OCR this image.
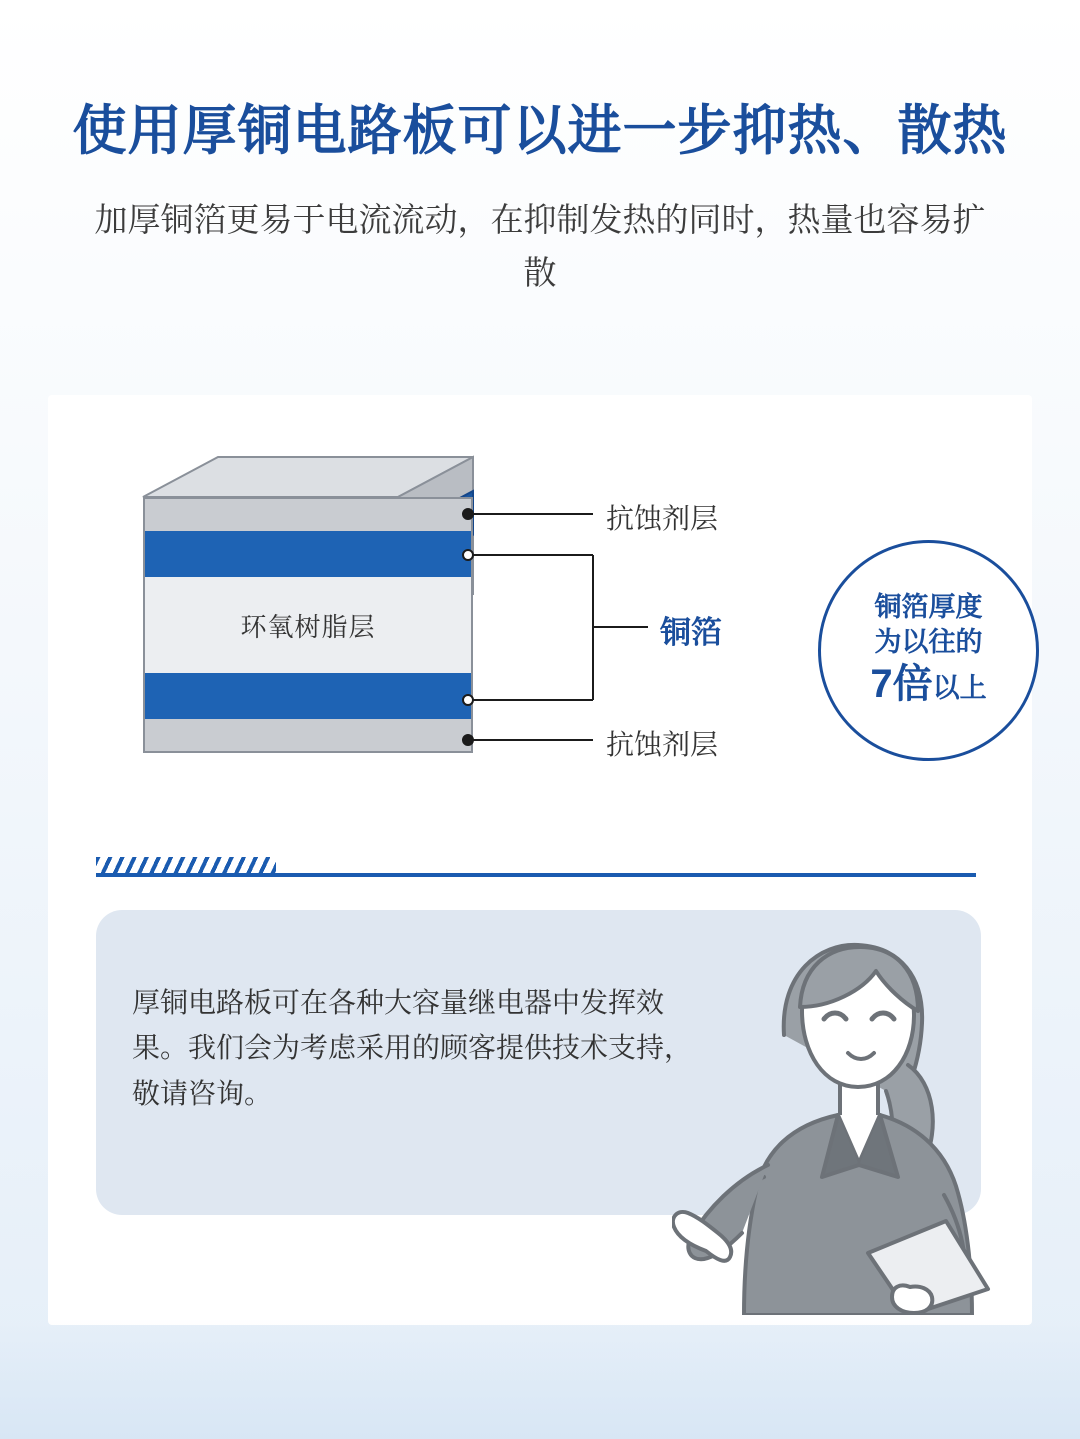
使用厚铜电路板可以进一步抑热、散热

加厚铜箔更易于电流流动，在抑制发热的同时，热量也容易扩散

环氧树脂层
抗蚀剂层
抗蚀剂层
铜箔
铜箔厚度
为以往的
7倍以上
厚铜电路板可在各种大容量继电器中发挥效果。我们会为考虑采用的顾客提供技术支持，敬请咨询。
